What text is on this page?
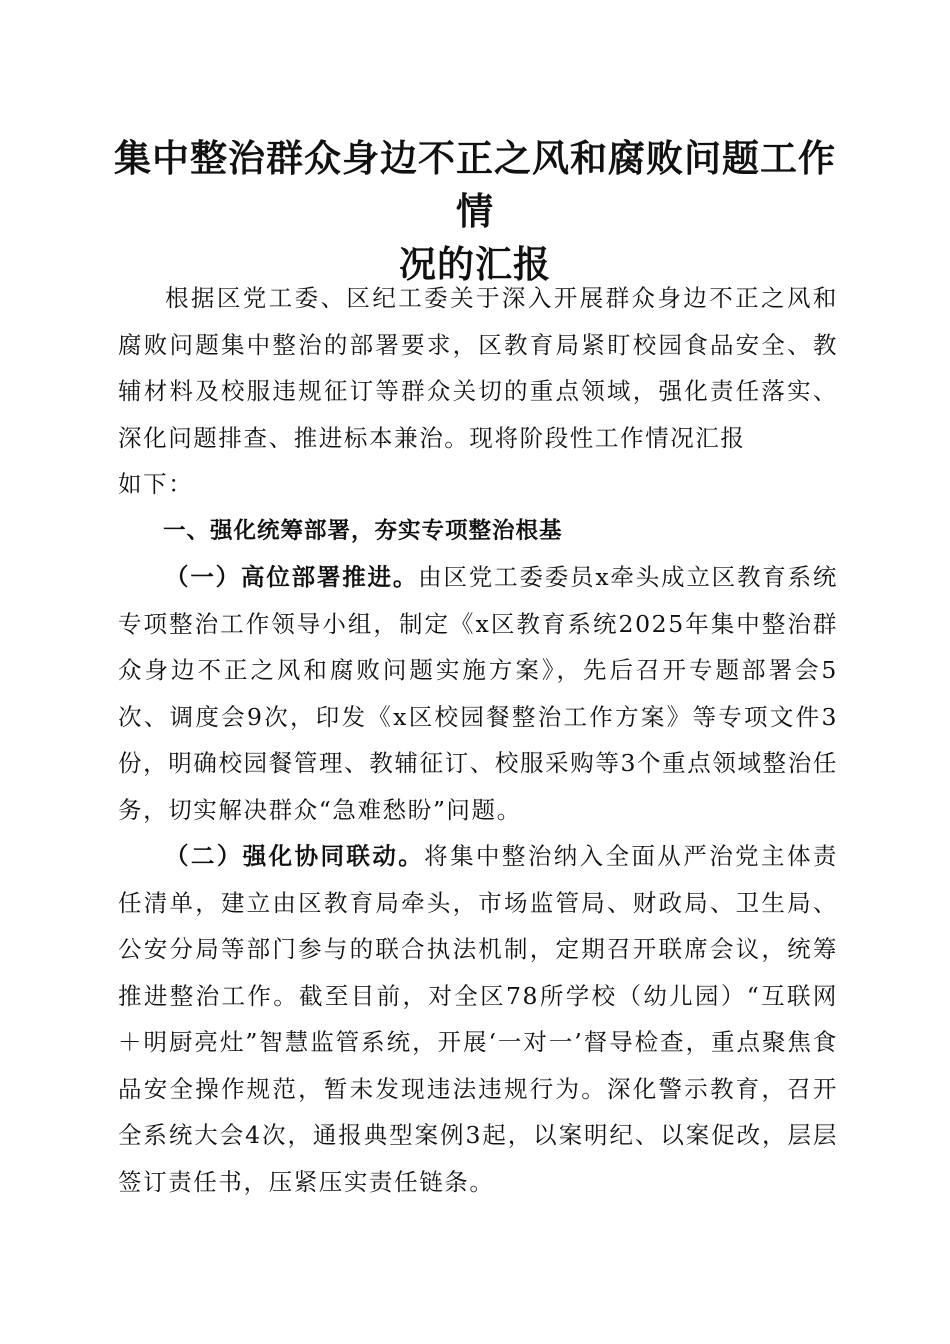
集中整治群众身边不正之风和腐败问题工作情
况的汇报

根据区党工委、区纪工委关于深入开展群众身边不正之风和腐败问题集中整治的部署要求，区教育局紧盯校园食品安全、教辅材料及校服违规征订等群众关切的重点领域，强化责任落实、深化问题排查、推进标本兼治。现将阶段性工作情况汇报

如下：

一、强化统筹部署，夯实专项整治根基

（一）高位部署推进。由区党工委委员x牵头成立区教育系统专项整治工作领导小组，制定《x区教育系统2025年集中整治群众身边不正之风和腐败问题实施方案》，先后召开专题部署会5次、调度会9次，印发《x区校园餐整治工作方案》等专项文件3份，明确校园餐管理、教辅征订、校服采购等3个重点领域整治任务，切实解决群众“急难愁盼”问题。

（二）强化协同联动。将集中整治纳入全面从严治党主体责任清单，建立由区教育局牵头，市场监管局、财政局、卫生局、公安分局等部门参与的联合执法机制，定期召开联席会议，统筹推进整治工作。截至目前，对全区78所学校（幼儿园）“互联网＋明厨亮灶”智慧监管系统，开展‘一对一’督导检查，重点聚焦食品安全操作规范，暂未发现违法违规行为。深化警示教育，召开全系统大会4次，通报典型案例3起，以案明纪、以案促改，层层签订责任书，压紧压实责任链条。
